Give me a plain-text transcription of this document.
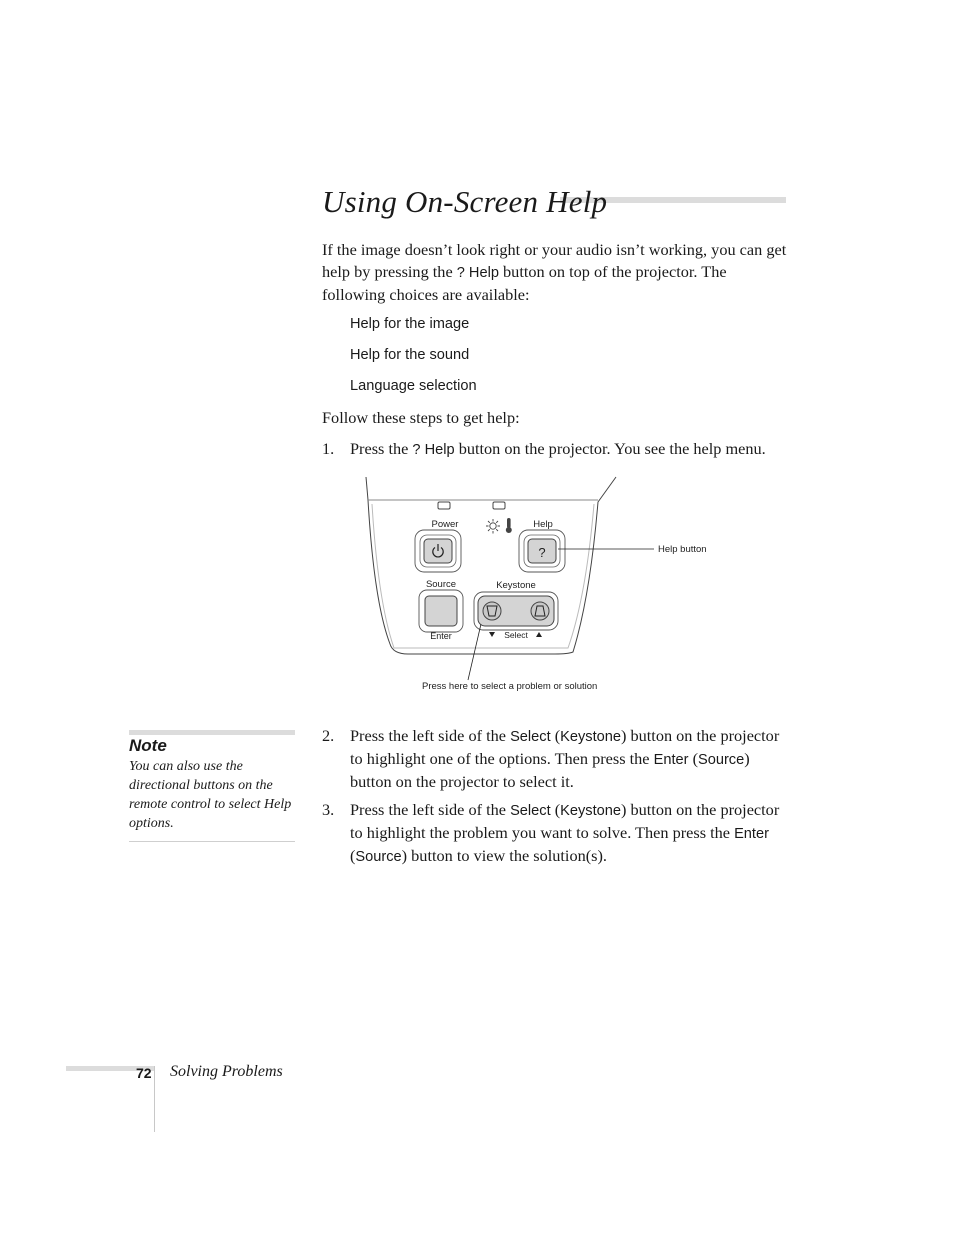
Using On-Screen Help

If the image doesn’t look right or your audio isn’t working, you can get help by pressing the ? Help button on top of the projector. The following choices are available:

Help for the image
Help for the sound
Language selection

Follow these steps to get help:

1. Press the ? Help button on the projector. You see the help menu.
Power	Help
?
Source
Enter
Keystone
Select
Help button
Press here to select a problem or solution
2. Press the left side of the Select (Keystone) button on the projector to highlight one of the options. Then press the Enter (Source) button on the projector to select it.
3. Press the left side of the Select (Keystone) button on the projector to highlight the problem you want to solve. Then press the Enter (Source) button to view the solution(s).
Note
You can also use the directional buttons on the remote control to select Help options.
72 Solving Problems
